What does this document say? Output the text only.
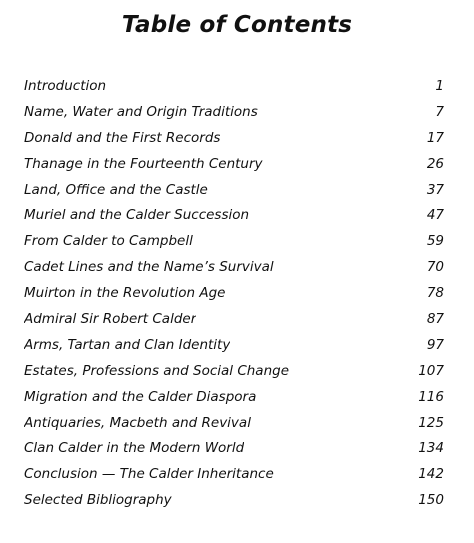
Table of Contents
Introduction	1
Name, Water and Origin Traditions	7
Donald and the First Records	17
Thanage in the Fourteenth Century	26
Land, Office and the Castle	37
Muriel and the Calder Succession	47
From Calder to Campbell	59
Cadet Lines and the Name’s Survival	70
Muirton in the Revolution Age	78
Admiral Sir Robert Calder	87
Arms, Tartan and Clan Identity	97
Estates, Professions and Social Change	107
Migration and the Calder Diaspora	116
Antiquaries, Macbeth and Revival	125
Clan Calder in the Modern World	134
Conclusion — The Calder Inheritance	142
Selected Bibliography	150
